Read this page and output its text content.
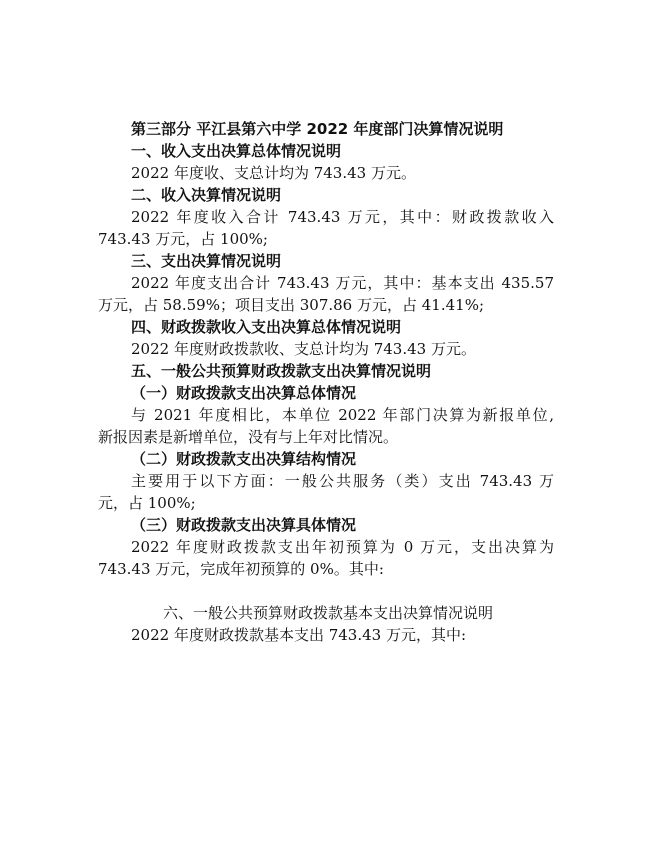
第三部分 平江县第六中学 2022 年度部门决算情况说明
一、收入支出决算总体情况说明
2022 年度收、支总计均为 743.43 万元。
二、收入决算情况说明
2022 年度收入合计 743.43 万元，其中：财政拨款收入
743.43 万元，占 100%;
三、支出决算情况说明
2022 年度支出合计 743.43 万元，其中：基本支出 435.57
万元，占 58.59%；项目支出 307.86 万元，占 41.41%;
四、财政拨款收入支出决算总体情况说明
2022 年度财政拨款收、支总计均为 743.43 万元。
五、一般公共预算财政拨款支出决算情况说明
（一）财政拨款支出决算总体情况
与 2021 年度相比，本单位 2022 年部门决算为新报单位,
新报因素是新增单位，没有与上年对比情况。
（二）财政拨款支出决算结构情况
主要用于以下方面：一般公共服务（类）支出 743.43 万
元，占 100%;
（三）财政拨款支出决算具体情况
2022 年度财政拨款支出年初预算为 0 万元，支出决算为
743.43 万元，完成年初预算的 0%。其中:
六、一般公共预算财政拨款基本支出决算情况说明
2022 年度财政拨款基本支出 743.43 万元，其中:
